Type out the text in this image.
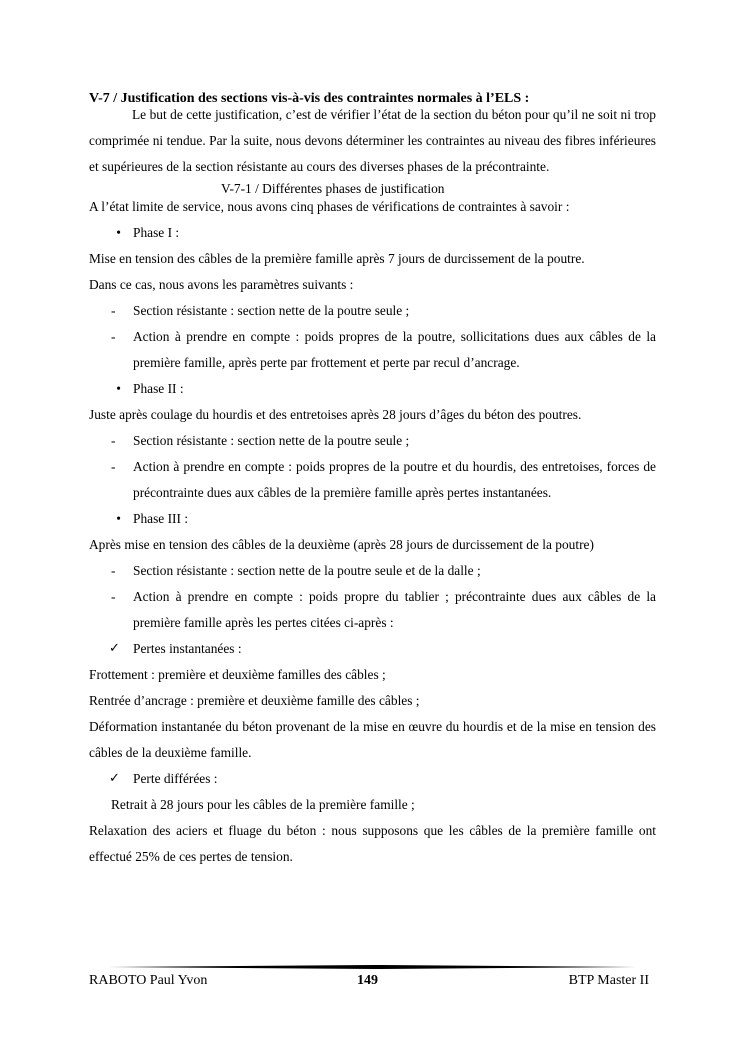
V-7 / Justification des sections vis-à-vis des contraintes normales à l’ELS :

Le but de cette justification, c’est de vérifier l’état de la section du béton pour qu’il ne soit ni trop comprimée ni tendue. Par la suite, nous devons déterminer les contraintes au niveau des fibres inférieures et supérieures de la section résistante au cours des diverses phases de la précontrainte.

V-7-1 / Différentes phases de justification

A l’état limite de service, nous avons cinq phases de vérifications de contraintes à savoir :

• Phase I :

Mise en tension des câbles de la première famille après 7 jours de durcissement de la poutre.

Dans ce cas, nous avons les paramètres suivants :

-	Section résistante : section nette de la poutre seule ;
-	Action à prendre en compte : poids propres de la poutre, sollicitations dues aux câbles de la première famille, après perte par frottement et perte par recul d’ancrage.
• Phase II :

Juste après coulage du hourdis et des entretoises après 28 jours d’âges du béton des poutres.

-	Section résistante : section nette de la poutre seule ;
-	Action à prendre en compte : poids propres de la poutre et du hourdis, des entretoises, forces de précontrainte dues aux câbles de la première famille après pertes instantanées.
• Phase III :

Après mise en tension des câbles de la deuxième (après 28 jours de durcissement de la poutre)

-	Section résistante : section nette de la poutre seule et de la dalle ;
-	Action à prendre en compte : poids propre du tablier ; précontrainte dues aux câbles de la première famille après les pertes citées ci-après :
✓ Pertes instantanées :

Frottement : première et deuxième familles des câbles ;

Rentrée d’ancrage : première et deuxième famille des câbles ;

Déformation instantanée du béton provenant de la mise en œuvre du hourdis et de la mise en tension des câbles de la deuxième famille.

✓ Perte différées :

Retrait à 28 jours pour les câbles de la première famille ;

Relaxation des aciers et fluage du béton : nous supposons que les câbles de la première famille ont effectué 25% de ces pertes de tension.

RABOTO Paul Yvon	149	BTP Master II
